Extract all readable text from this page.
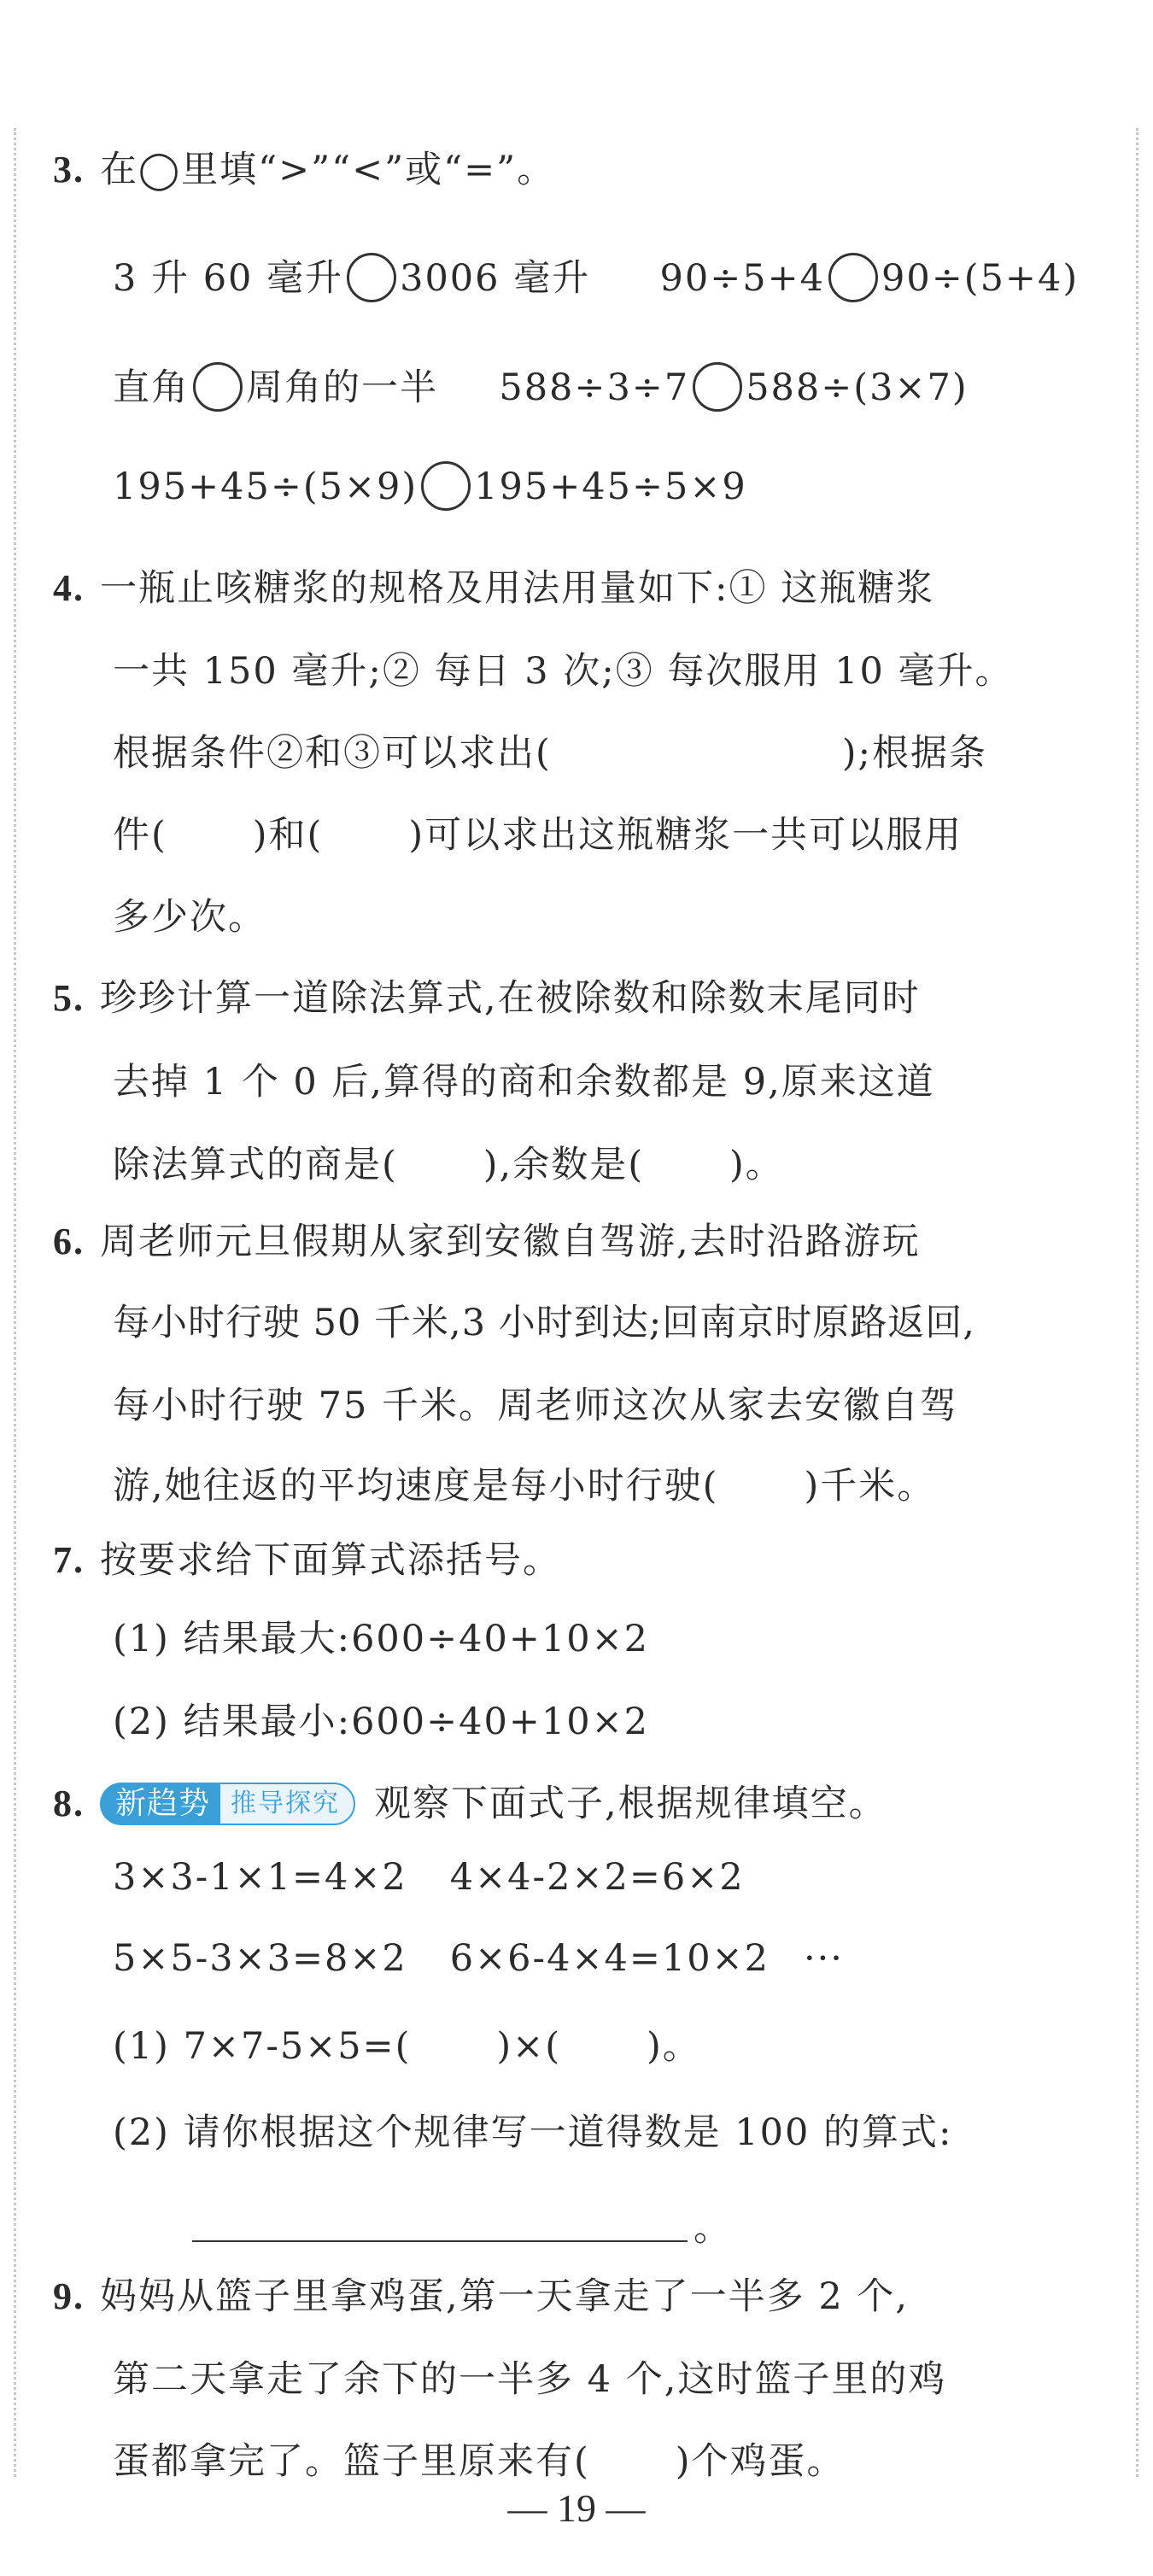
3. 在◯里填“>”“<”或“=”。
3 升 60 毫升 3006 毫升 90÷5+4 90÷(5+4)
直角 周角的一半 588÷3÷7 588÷(3×7)
195+45÷(5×9) 195+45÷5×9
4. 一瓶止咳糖浆的规格及用法用量如下:① 这瓶糖浆
一共 150 毫升;② 每日 3 次;③ 每次服用 10 毫升。
根据条件②和③可以求出(	);根据条
件( )和( )可以求出这瓶糖浆一共可以服用
多少次。
5. 珍珍计算一道除法算式,在被除数和除数末尾同时
去掉 1 个 0 后,算得的商和余数都是 9,原来这道
除法算式的商是( ),余数是( )。
6. 周老师元旦假期从家到安徽自驾游,去时沿路游玩
每小时行驶 50 千米,3 小时到达;回南京时原路返回,
每小时行驶 75 千米。周老师这次从家去安徽自驾
游,她往返的平均速度是每小时行驶( )千米。
7. 按要求给下面算式添括号。
(1) 结果最大:600÷40+10×2
(2) 结果最小:600÷40+10×2
8.	新趋势 推导探究 观察下面式子,根据规律填空。
3×3-1×1=4×2 4×4-2×2=6×2
5×5-3×3=8×2 6×6-4×4=10×2 ···
(1) 7×7-5×5=( )×( )。
(2) 请你根据这个规律写一道得数是 100 的算式:
。
9. 妈妈从篮子里拿鸡蛋,第一天拿走了一半多 2 个,
第二天拿走了余下的一半多 4 个,这时篮子里的鸡
蛋都拿完了。篮子里原来有( )个鸡蛋。
— 19 —
